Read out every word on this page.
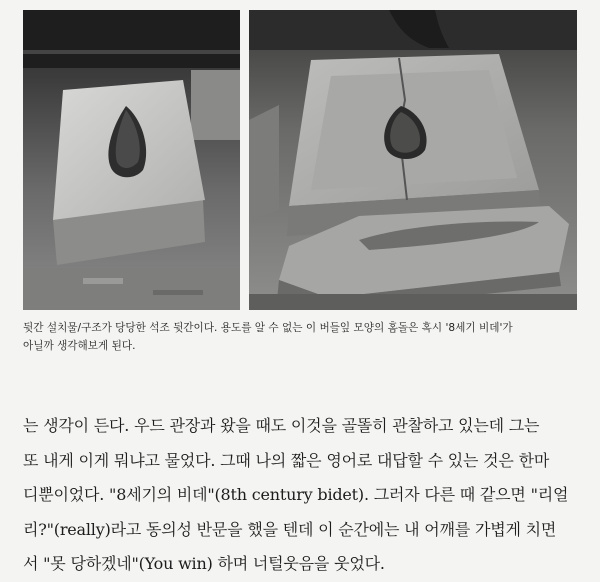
뒷간 설치물/구조가 당당한 석조 뒷간이다. 용도를 알 수 없는 이 버들잎 모양의 홈돌은 혹시 '8세기 비데'가

아닐까 생각해보게 된다.

는 생각이 든다. 우드 관장과 왔을 때도 이것을 골똘히 관찰하고 있는데 그는

또 내게 이게 뭐냐고 물었다. 그때 나의 짧은 영어로 대답할 수 있는 것은 한마

디뿐이었다. "8세기의 비데"(8th century bidet). 그러자 다른 때 같으면 "리얼

리?"(really)라고 동의성 반문을 했을 텐데 이 순간에는 내 어깨를 가볍게 치면

서 "못 당하겠네"(You win) 하며 너털웃음을 웃었다.
